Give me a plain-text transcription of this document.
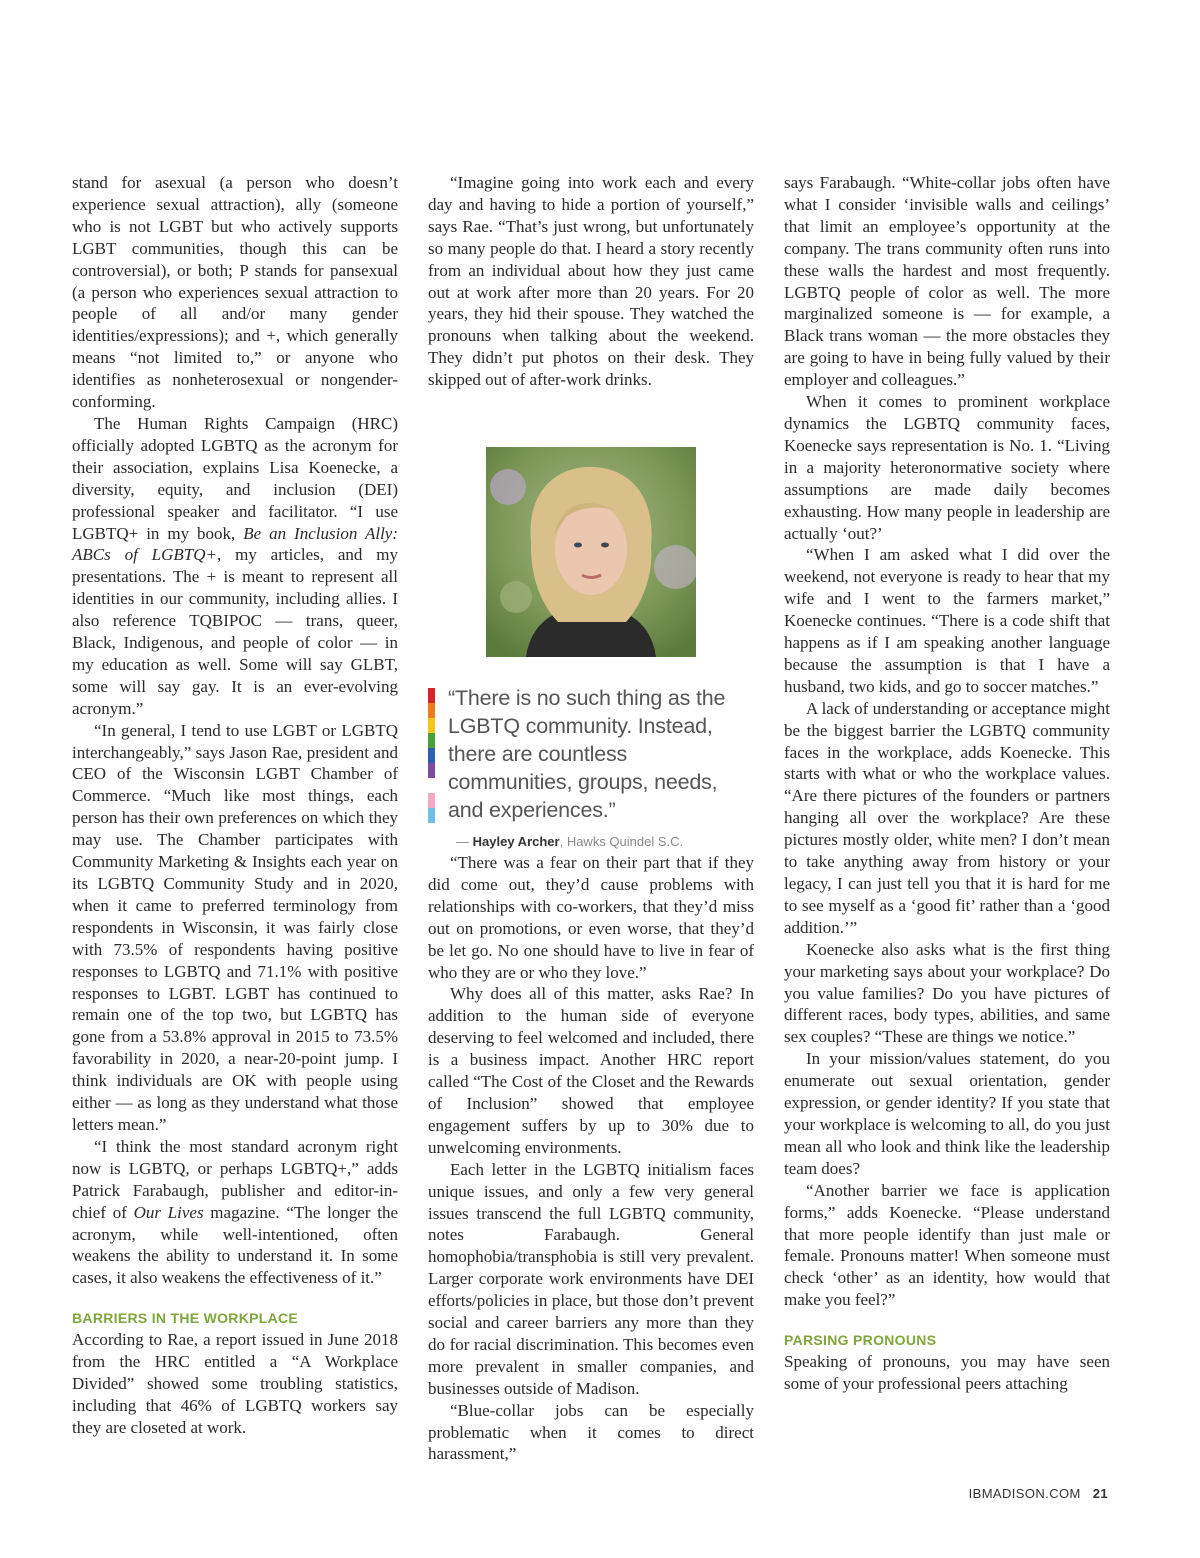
stand for asexual (a person who doesn’t experience sexual attraction), ally (someone who is not LGBT but who actively supports LGBT communities, though this can be controversial), or both; P stands for pansexual (a person who experiences sexual attraction to people of all and/or many gender identities/expressions); and +, which generally means “not limited to,” or anyone who identifies as nonheterosexual or nongender-conforming.

The Human Rights Campaign (HRC) officially adopted LGBTQ as the acronym for their association, explains Lisa Koenecke, a diversity, equity, and inclusion (DEI) professional speaker and facilitator. “I use LGBTQ+ in my book, Be an Inclusion Ally: ABCs of LGBTQ+, my articles, and my presentations. The + is meant to represent all identities in our community, including allies. I also reference TQBIPOC — trans, queer, Black, Indigenous, and people of color — in my education as well. Some will say GLBT, some will say gay. It is an ever-evolving acronym.”

“In general, I tend to use LGBT or LGBTQ interchangeably,” says Jason Rae, president and CEO of the Wisconsin LGBT Chamber of Commerce. “Much like most things, each person has their own preferences on which they may use. The Chamber participates with Community Marketing & Insights each year on its LGBTQ Community Study and in 2020, when it came to preferred terminology from respondents in Wisconsin, it was fairly close with 73.5% of respondents having positive responses to LGBTQ and 71.1% with positive responses to LGBT. LGBT has continued to remain one of the top two, but LGBTQ has gone from a 53.8% approval in 2015 to 73.5% favorability in 2020, a near-20-point jump. I think individuals are OK with people using either — as long as they understand what those letters mean.”

“I think the most standard acronym right now is LGBTQ, or perhaps LGBTQ+,” adds Patrick Farabaugh, publisher and editor-in-chief of Our Lives magazine. “The longer the acronym, while well-intentioned, often weakens the ability to understand it. In some cases, it also weakens the effectiveness of it.”

BARRIERS IN THE WORKPLACE

According to Rae, a report issued in June 2018 from the HRC entitled a “A Workplace Divided” showed some troubling statistics, including that 46% of LGBTQ workers say they are closeted at work.

“Imagine going into work each and every day and having to hide a portion of yourself,” says Rae. “That’s just wrong, but unfortunately so many people do that. I heard a story recently from an individual about how they just came out at work after more than 20 years. For 20 years, they hid their spouse. They watched the pronouns when talking about the weekend. They didn’t put photos on their desk. They skipped out of after-work drinks.

“There is no such thing as the LGBTQ community. Instead, there are countless communities, groups, needs, and experiences.”
— Hayley Archer, Hawks Quindel S.C.

“There was a fear on their part that if they did come out, they’d cause problems with relationships with co-workers, that they’d miss out on promotions, or even worse, that they’d be let go. No one should have to live in fear of who they are or who they love.”

Why does all of this matter, asks Rae? In addition to the human side of everyone deserving to feel welcomed and included, there is a business impact. Another HRC report called “The Cost of the Closet and the Rewards of Inclusion” showed that employee engagement suffers by up to 30% due to unwelcoming environments.

Each letter in the LGBTQ initialism faces unique issues, and only a few very general issues transcend the full LGBTQ community, notes Farabaugh. General homophobia/transphobia is still very prevalent. Larger corporate work environments have DEI efforts/policies in place, but those don’t prevent social and career barriers any more than they do for racial discrimination. This becomes even more prevalent in smaller companies, and businesses outside of Madison.

“Blue-collar jobs can be especially problematic when it comes to direct harassment,”

says Farabaugh. “White-collar jobs often have what I consider ‘invisible walls and ceilings’ that limit an employee’s opportunity at the company. The trans community often runs into these walls the hardest and most frequently. LGBTQ people of color as well. The more marginalized someone is — for example, a Black trans woman — the more obstacles they are going to have in being fully valued by their employer and colleagues.”

When it comes to prominent workplace dynamics the LGBTQ community faces, Koenecke says representation is No. 1. “Living in a majority heteronormative society where assumptions are made daily becomes exhausting. How many people in leadership are actually ‘out?’

“When I am asked what I did over the weekend, not everyone is ready to hear that my wife and I went to the farmers market,” Koenecke continues. “There is a code shift that happens as if I am speaking another language because the assumption is that I have a husband, two kids, and go to soccer matches.”

A lack of understanding or acceptance might be the biggest barrier the LGBTQ community faces in the workplace, adds Koenecke. This starts with what or who the workplace values. “Are there pictures of the founders or partners hanging all over the workplace? Are these pictures mostly older, white men? I don’t mean to take anything away from history or your legacy, I can just tell you that it is hard for me to see myself as a ‘good fit’ rather than a ‘good addition.’”

Koenecke also asks what is the first thing your marketing says about your workplace? Do you value families? Do you have pictures of different races, body types, abilities, and same sex couples? “These are things we notice.”

In your mission/values statement, do you enumerate out sexual orientation, gender expression, or gender identity? If you state that your workplace is welcoming to all, do you just mean all who look and think like the leadership team does?

“Another barrier we face is application forms,” adds Koenecke. “Please understand that more people identify than just male or female. Pronouns matter! When someone must check ‘other’ as an identity, how would that make you feel?”

PARSING PRONOUNS

Speaking of pronouns, you may have seen some of your professional peers attaching

IBMADISON.COM 21
